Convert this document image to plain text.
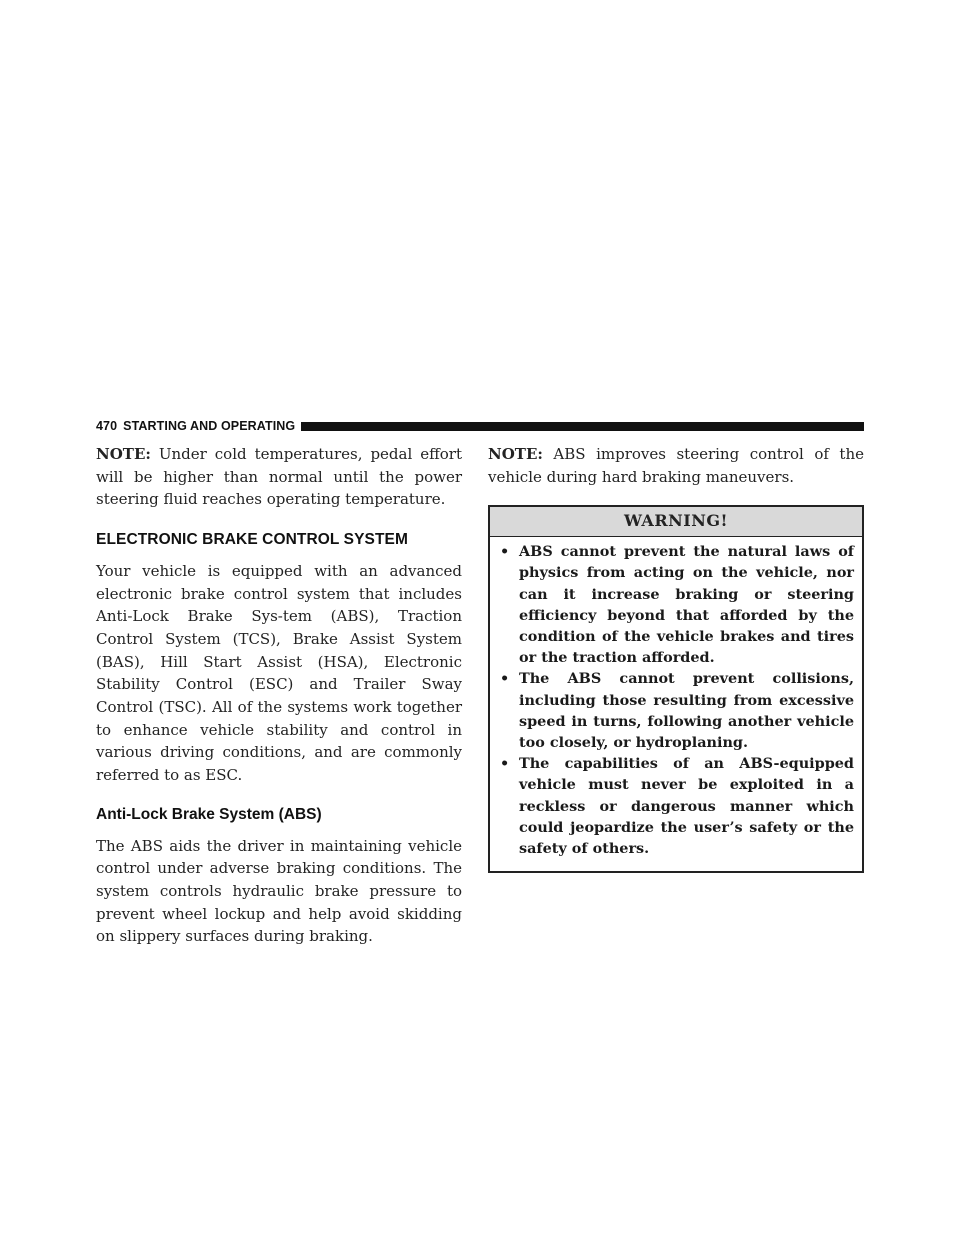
470 STARTING AND OPERATING

NOTE: Under cold temperatures, pedal effort will be higher than normal until the power steering fluid reaches operating temperature.

ELECTRONIC BRAKE CONTROL SYSTEM

Your vehicle is equipped with an advanced electronic brake control system that includes Anti-Lock Brake Sys-tem (ABS), Traction Control System (TCS), Brake Assist System (BAS), Hill Start Assist (HSA), Electronic Stability Control (ESC) and Trailer Sway Control (TSC). All of the systems work together to enhance vehicle stability and control in various driving conditions, and are commonly referred to as ESC.

Anti-Lock Brake System (ABS)

The ABS aids the driver in maintaining vehicle control under adverse braking conditions. The system controls hydraulic brake pressure to prevent wheel lockup and help avoid skidding on slippery surfaces during braking.

NOTE: ABS improves steering control of the vehicle during hard braking maneuvers.

WARNING!
• ABS cannot prevent the natural laws of physics from acting on the vehicle, nor can it increase braking or steering efficiency beyond that afforded by the condition of the vehicle brakes and tires or the traction afforded.
• The ABS cannot prevent collisions, including those resulting from excessive speed in turns, following another vehicle too closely, or hydroplaning.
• The capabilities of an ABS-equipped vehicle must never be exploited in a reckless or dangerous manner which could jeopardize the user’s safety or the safety of others.
